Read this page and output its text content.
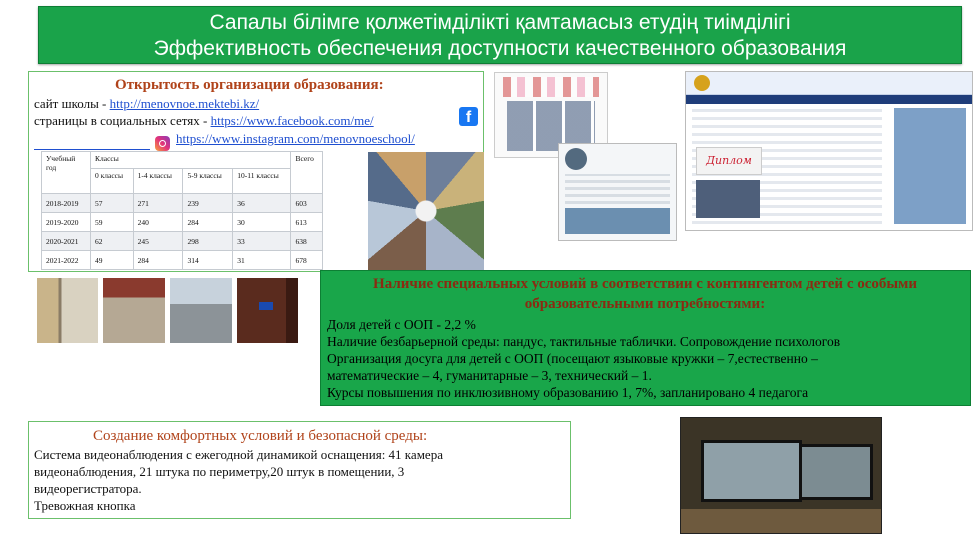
Сапалы білімге қолжетімділікті қамтамасыз етудің тиімділігі
Эффективность обеспечения доступности качественного образования
Открытость организации образования:
сайт школы - http://menovnoe.mektebi.kz/
страницы в социальных сетях - https://www.facebook.com/me/	f
https://www.instagram.com/menovnoeschool/
Учебный год	Классы				Всего
	0 классы	1-4 классы	5-9 классы	10-11 классы	
2018-2019	57	271	239	36	603
2019-2020	59	240	284	30	613
2020-2021	62	245	298	33	638
2021-2022	49	284	314	31	678
Диплом
Наличие специальных условий в соответствии с контингентом детей с особыми образовательными потребностями:
Доля детей с ООП - 2,2 %
Наличие безбарьерной среды: пандус, тактильные таблички. Сопровождение психологов
Организация досуга для детей с ООП (посещают языковые кружки – 7,естественно –
математические – 4, гуманитарные – 3, технический – 1.
Курсы повышения по инклюзивному образованию 1, 7%, запланировано 4 педагога
Создание комфортных условий и безопасной среды:
Система видеонаблюдения с ежегодной динамикой оснащения: 41 камера
видеонаблюдения, 21 штука по периметру,20 штук в помещении, 3
видеорегистратора.
Тревожная кнопка
